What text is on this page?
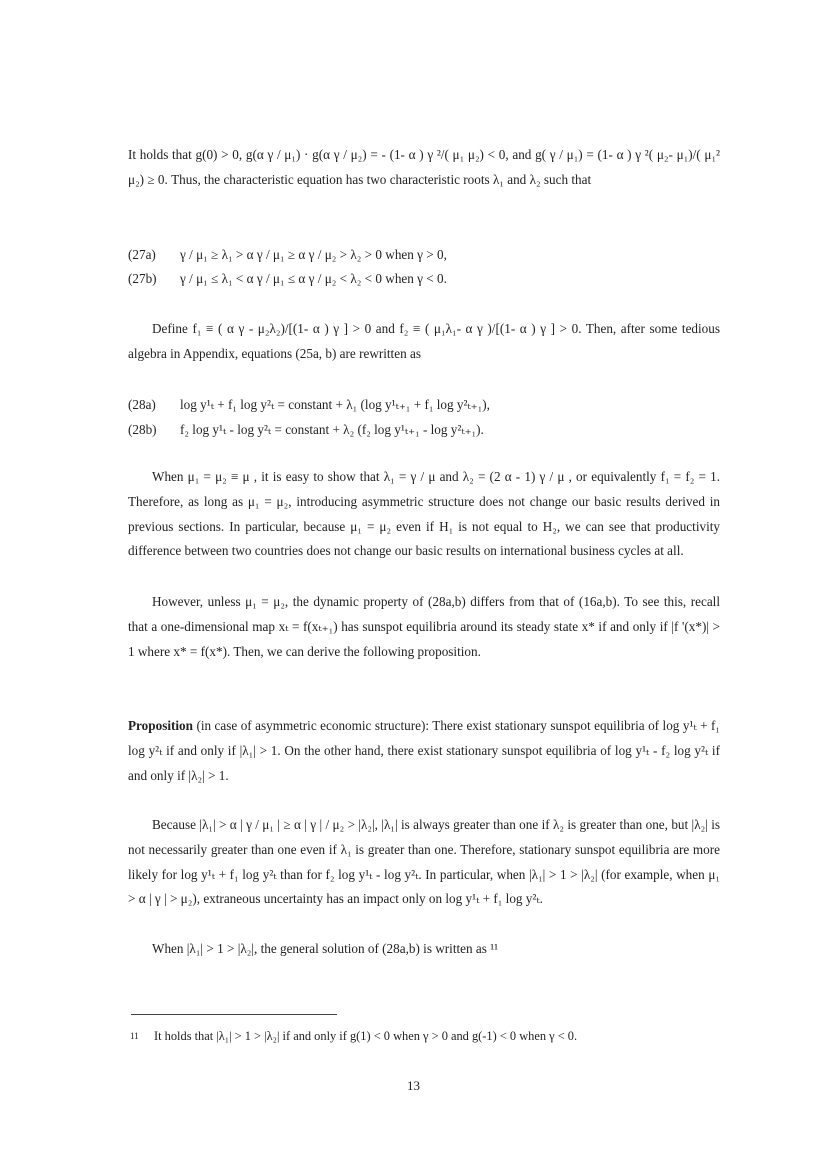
It holds that g(0) > 0, g(α γ / μ₁) · g(α γ / μ₂) = - (1- α ) γ ²/( μ₁ μ₂) < 0, and g( γ / μ₁) = (1- α ) γ ²( μ₂- μ₁)/( μ₁² μ₂) ≥ 0. Thus, the characteristic equation has two characteristic roots λ₁ and λ₂ such that

(27a) γ / μ₁ ≥ λ₁ > α γ / μ₁ ≥ α γ / μ₂ > λ₂ > 0 when γ > 0,
(27b) γ / μ₁ ≤ λ₁ < α γ / μ₁ ≤ α γ / μ₂ < λ₂ < 0 when γ < 0.

Define f₁ ≡ ( α γ - μ₂λ₂)/[(1- α ) γ ] > 0 and f₂ ≡ ( μ₁λ₁- α γ )/[(1- α ) γ ] > 0. Then, after some tedious algebra in Appendix, equations (25a, b) are rewritten as

(28a) log y¹ₜ + f₁ log y²ₜ = constant + λ₁ (log y¹ₜ₊₁ + f₁ log y²ₜ₊₁),
(28b) f₂ log y¹ₜ - log y²ₜ = constant + λ₂ (f₂ log y¹ₜ₊₁ - log y²ₜ₊₁).

When μ₁ = μ₂ ≡ μ , it is easy to show that λ₁ = γ / μ and λ₂ = (2 α - 1) γ / μ , or equivalently f₁ = f₂ = 1. Therefore, as long as μ₁ = μ₂, introducing asymmetric structure does not change our basic results derived in previous sections. In particular, because μ₁ = μ₂ even if H₁ is not equal to H₂, we can see that productivity difference between two countries does not change our basic results on international business cycles at all.

However, unless μ₁ = μ₂, the dynamic property of (28a,b) differs from that of (16a,b). To see this, recall that a one-dimensional map xₜ = f(xₜ₊₁) has sunspot equilibria around its steady state x* if and only if |f '(x*)| > 1 where x* = f(x*). Then, we can derive the following proposition.

Proposition (in case of asymmetric economic structure): There exist stationary sunspot equilibria of log y¹ₜ + f₁ log y²ₜ if and only if |λ₁| > 1. On the other hand, there exist stationary sunspot equilibria of log y¹ₜ - f₂ log y²ₜ if and only if |λ₂| > 1.

Because |λ₁| > α | γ / μ₁ | ≥ α | γ | / μ₂ > |λ₂|, |λ₁| is always greater than one if λ₂ is greater than one, but |λ₂| is not necessarily greater than one even if λ₁ is greater than one. Therefore, stationary sunspot equilibria are more likely for log y¹ₜ + f₁ log y²ₜ than for f₂ log y¹ₜ - log y²ₜ. In particular, when |λ₁| > 1 > |λ₂| (for example, when μ₁ > α | γ | > μ₂), extraneous uncertainty has an impact only on log y¹ₜ + f₁ log y²ₜ.

When |λ₁| > 1 > |λ₂|, the general solution of (28a,b) is written as ¹¹

11 It holds that |λ₁| > 1 > |λ₂| if and only if g(1) < 0 when γ > 0 and g(-1) < 0 when γ < 0.
13
